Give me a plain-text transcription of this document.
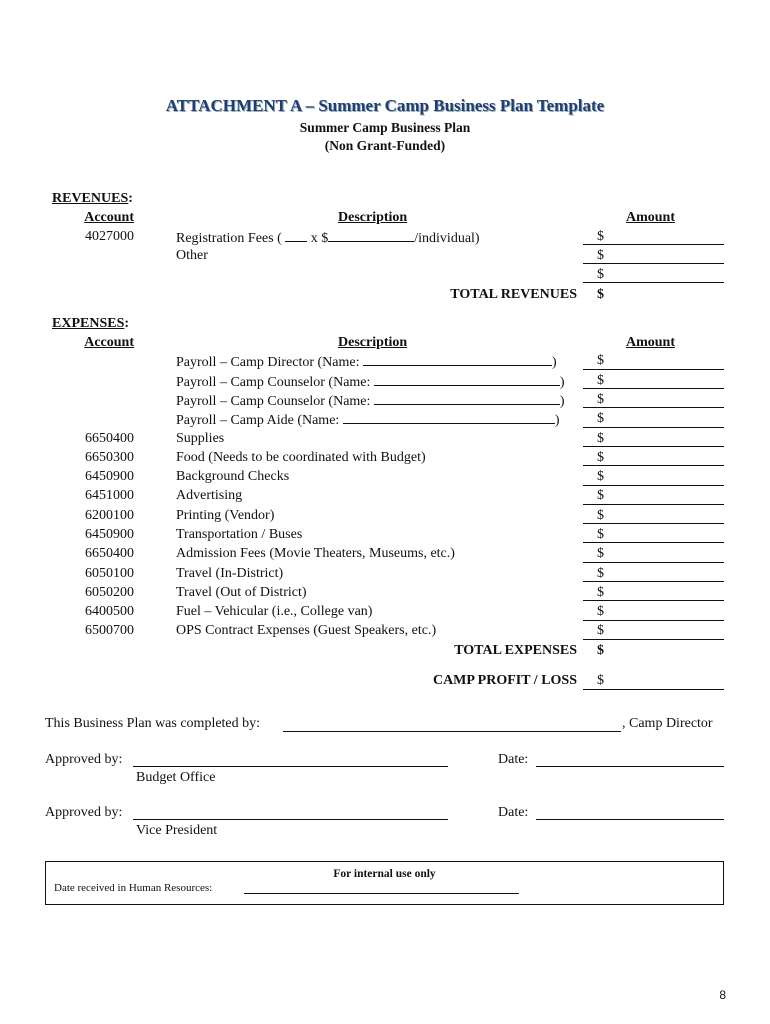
ATTACHMENT A – Summer Camp Business Plan Template
Summer Camp Business Plan
(Non Grant-Funded)
REVENUES:
Account	Description	Amount
4027000	Registration Fees (  x $	/individual)	$
Other	$
$
TOTAL REVENUES $
EXPENSES:
Account	Description	Amount
Payroll – Camp Director (Name:	)	$
Payroll – Camp Counselor (Name:	) $
Payroll – Camp Counselor (Name:	) $
Payroll – Camp Aide (Name:	)	$
6650400	Supplies	$
6650300	Food (Needs to be coordinated with Budget)	$
6450900	Background Checks	$
6451000	Advertising	$
6200100	Printing (Vendor)	$
6450900	Transportation / Buses	$
6650400	Admission Fees (Movie Theaters, Museums, etc.)	$
6050100	Travel (In-District)	$
6050200	Travel (Out of District)	$
6400500	Fuel – Vehicular (i.e., College van)	$
6500700	OPS Contract Expenses (Guest Speakers, etc.)	$
TOTAL EXPENSES $
CAMP PROFIT / LOSS $
This Business Plan was completed by:	, Camp Director
Approved by:
Budget Office
Date:
Approved by:
Vice President
Date:
For internal use only
Date received in Human Resources:
8
